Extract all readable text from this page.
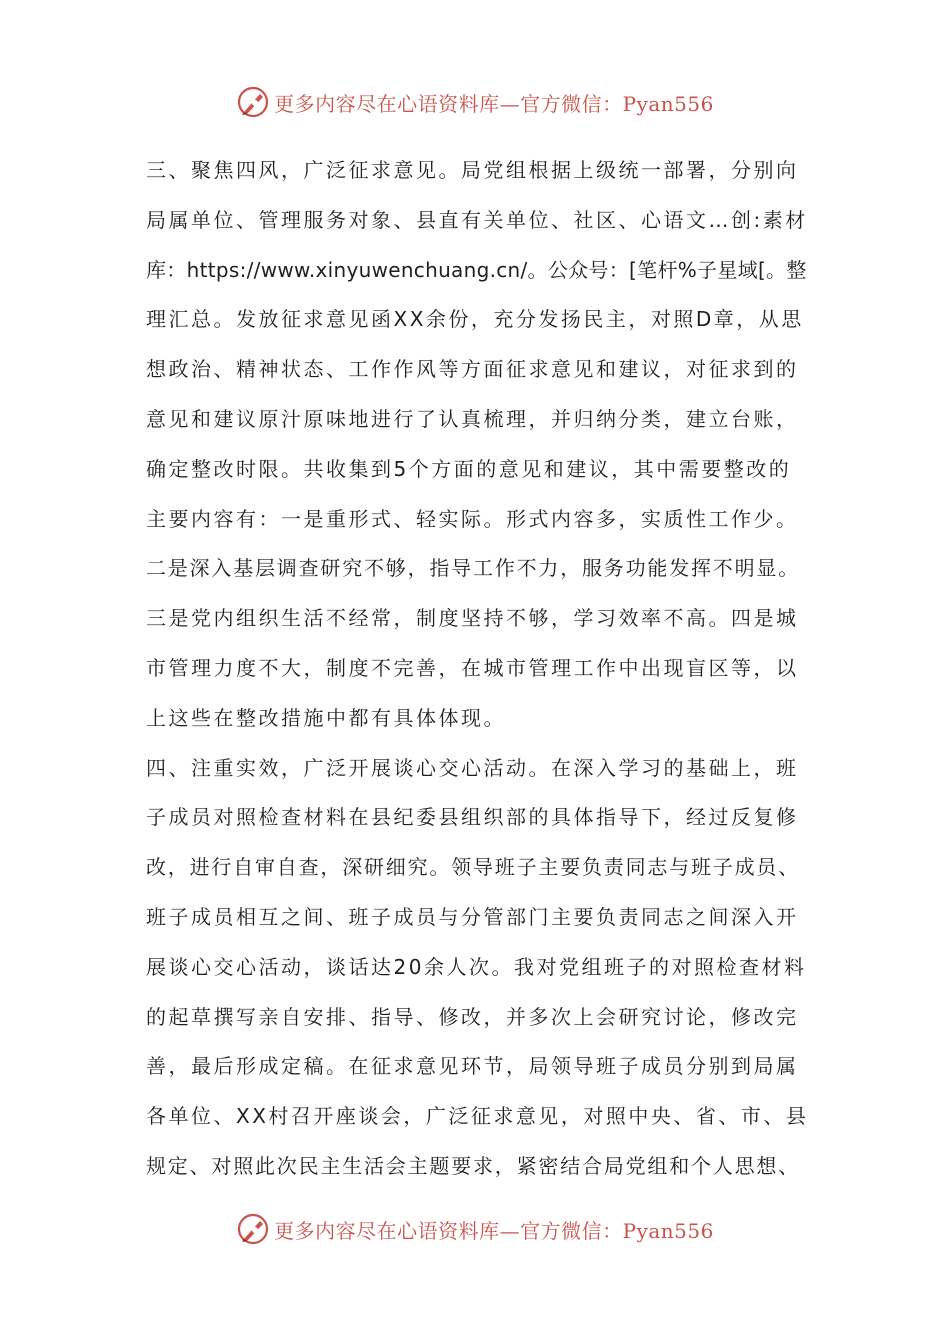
更多内容尽在心语资料库—官方微信：Pyan556
三、聚焦四风，广泛征求意见。局党组根据上级统一部署，分别向
局属单位、管理服务对象、县直有关单位、社区、心语文…创:素材
库：https://www.xinyuwenchuang.cn/。公众号：[笔杆%子星域[。整
理汇总。发放征求意见函XX余份，充分发扬民主，对照D章，从思
想政治、精神状态、工作作风等方面征求意见和建议，对征求到的
意见和建议原汁原味地进行了认真梳理，并归纳分类，建立台账，
确定整改时限。共收集到5个方面的意见和建议，其中需要整改的
主要内容有：一是重形式、轻实际。形式内容多，实质性工作少。
二是深入基层调查研究不够，指导工作不力，服务功能发挥不明显。
三是党内组织生活不经常，制度坚持不够，学习效率不高。四是城
市管理力度不大，制度不完善，在城市管理工作中出现盲区等，以
上这些在整改措施中都有具体体现。
四、注重实效，广泛开展谈心交心活动。在深入学习的基础上，班
子成员对照检查材料在县纪委县组织部的具体指导下，经过反复修
改，进行自审自查，深研细究。领导班子主要负责同志与班子成员、
班子成员相互之间、班子成员与分管部门主要负责同志之间深入开
展谈心交心活动，谈话达20余人次。我对党组班子的对照检查材料
的起草撰写亲自安排、指导、修改，并多次上会研究讨论，修改完
善，最后形成定稿。在征求意见环节，局领导班子成员分别到局属
各单位、XX村召开座谈会，广泛征求意见，对照中央、省、市、县
规定、对照此次民主生活会主题要求，紧密结合局党组和个人思想、
更多内容尽在心语资料库—官方微信：Pyan556
